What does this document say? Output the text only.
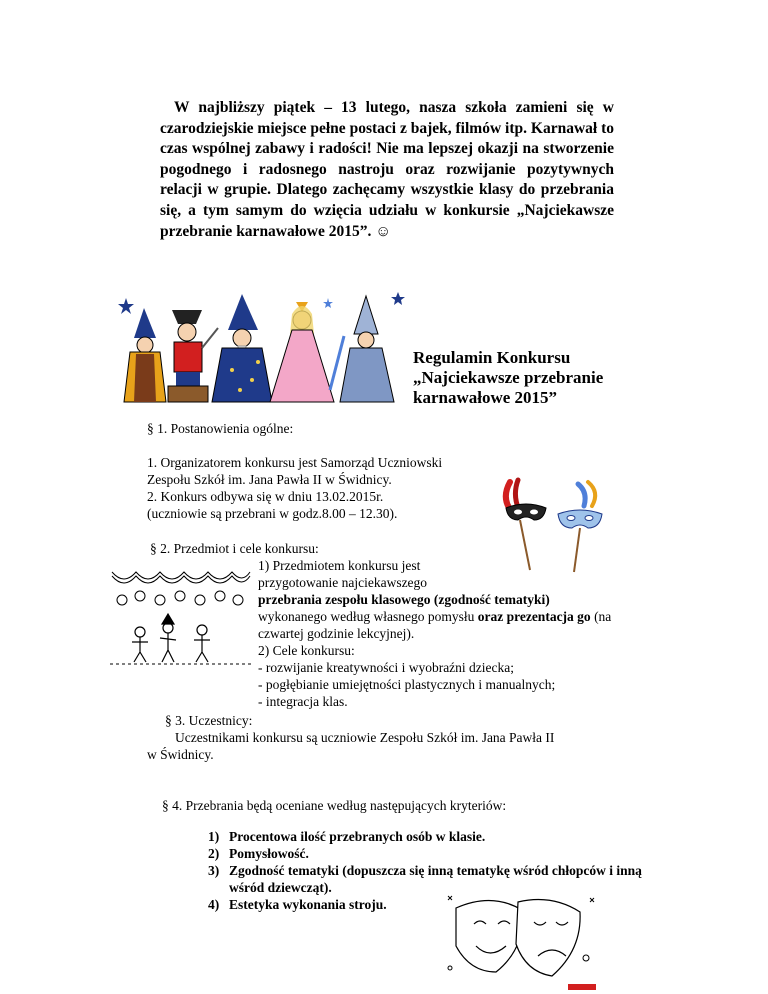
W najbliższy piątek – 13 lutego, nasza szkoła zamieni się w czarodziejskie miejsce pełne postaci z bajek, filmów itp. Karnawał to czas wspólnej zabawy i radości! Nie ma lepszej okazji na stworzenie pogodnego i radosnego nastroju oraz rozwijanie pozytywnych relacji w grupie. Dlatego zachęcamy wszystkie klasy do przebrania się, a tym samym do wzięcia udziału w konkursie „Najciekawsze przebranie karnawałowe 2015”. ☺

Regulamin Konkursu
„Najciekawsze przebranie
karnawałowe 2015”
§ 1. Postanowienia ogólne:
1. Organizatorem konkursu jest Samorząd Uczniowski
Zespołu Szkół im. Jana Pawła II w Świdnicy.
2. Konkurs odbywa się w dniu 13.02.2015r.
(uczniowie są przebrani w godz.8.00 – 12.30).
§ 2. Przedmiot i cele konkursu:
1) Przedmiotem konkursu jest
przygotowanie najciekawszego
przebrania zespołu klasowego (zgodność tematyki)
wykonanego według własnego pomysłu oraz prezentacja go (na
czwartej godzinie lekcyjnej).
2) Cele konkursu:
- rozwijanie kreatywności i wyobraźni dziecka;
- pogłębianie umiejętności plastycznych i manualnych;
- integracja klas.
§ 3. Uczestnicy:
Uczestnikami konkursu są uczniowie Zespołu Szkół im. Jana Pawła II
w Świdnicy.
§ 4. Przebrania będą oceniane według następujących kryteriów:
1) Procentowa ilość przebranych osób w klasie.
2) Pomysłowość.
3) Zgodność tematyki (dopuszcza się inną tematykę wśród chłopców i inną wśród dziewcząt).
4) Estetyka wykonania stroju.
